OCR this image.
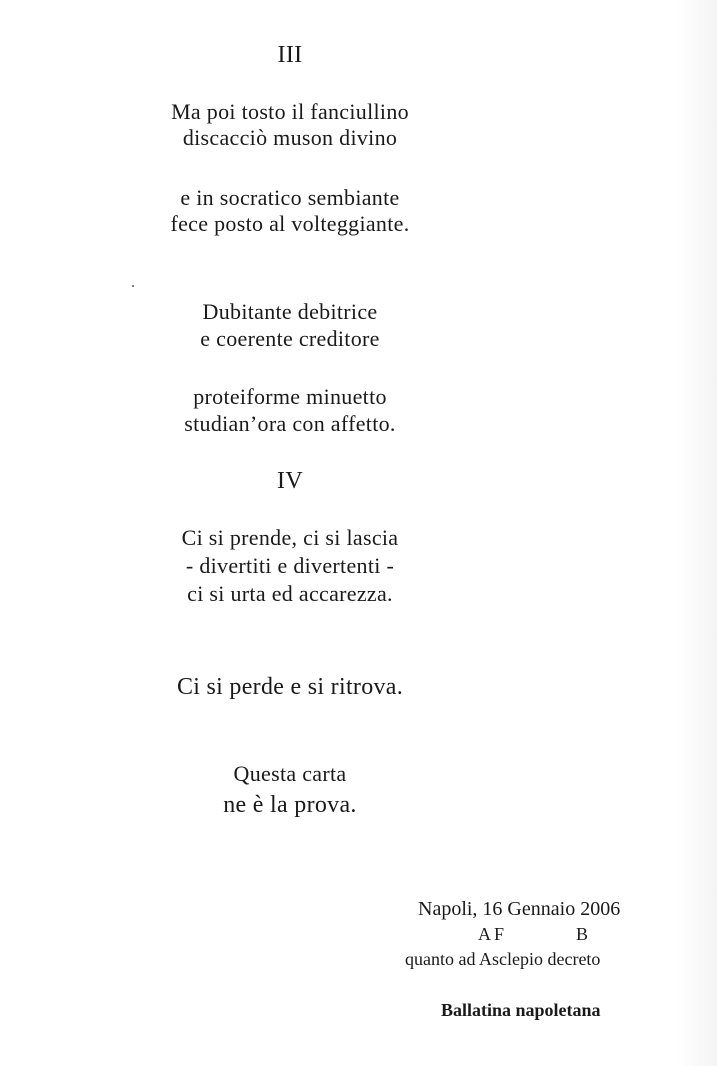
III
Ma poi tosto il fanciullino
discacciò muson divino
e in socratico sembiante
fece posto al volteggiante.
Dubitante debitrice
e coerente creditore
proteiforme minuetto
studian’ora con affetto.
IV
Ci si prende, ci si lascia
- divertiti e divertenti -
ci si urta ed accarezza.
Ci si perde e si ritrova.
Questa carta
ne è la prova.
Napoli, 16 Gennaio 2006
AF	B
quanto ad Asclepio decreto
Ballatina napoletana
